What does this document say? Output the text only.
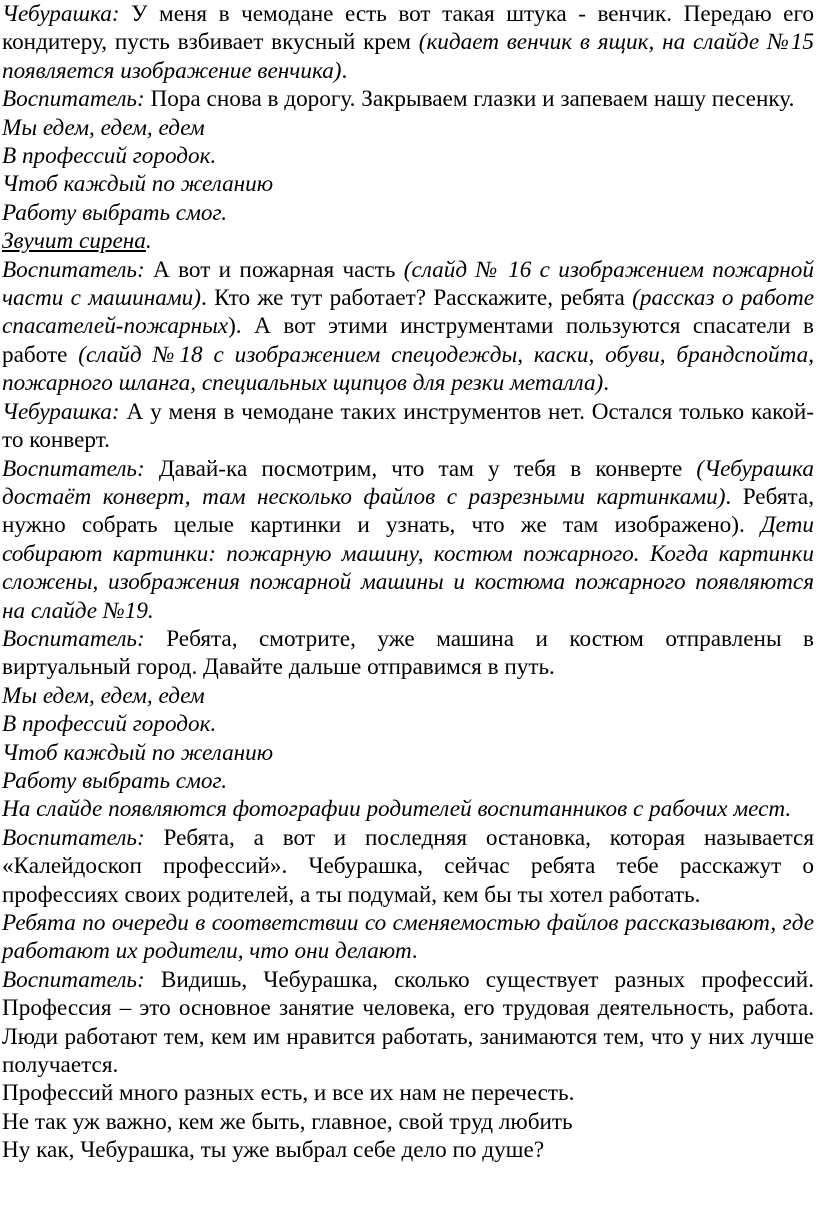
Чебурашка: У меня в чемодане есть вот такая штука - венчик. Передаю его кондитеру, пусть взбивает вкусный крем (кидает венчик в ящик, на слайде №15 появляется изображение венчика).

Воспитатель: Пора снова в дорогу. Закрываем глазки и запеваем нашу песенку.

Мы едем, едем, едем

В профессий городок.

Чтоб каждый по желанию

Работу выбрать смог.

Звучит сирена.

Воспитатель: А вот и пожарная часть (слайд № 16 с изображением пожарной части с машинами). Кто же тут работает? Расскажите, ребята (рассказ о работе спасателей-пожарных). А вот этими инструментами пользуются спасатели в работе (слайд №18 с изображением спецодежды, каски, обуви, брандспойта, пожарного шланга, специальных щипцов для резки металла).

Чебурашка: А у меня в чемодане таких инструментов нет. Остался только какой-то конверт.

Воспитатель: Давай-ка посмотрим, что там у тебя в конверте (Чебурашка достаёт конверт, там несколько файлов с разрезными картинками). Ребята, нужно собрать целые картинки и узнать, что же там изображено). Дети собирают картинки: пожарную машину, костюм пожарного. Когда картинки сложены, изображения пожарной машины и костюма пожарного появляются на слайде №19.

Воспитатель: Ребята, смотрите, уже машина и костюм отправлены в виртуальный город. Давайте дальше отправимся в путь.

Мы едем, едем, едем

В профессий городок.

Чтоб каждый по желанию

Работу выбрать смог.

На слайде появляются фотографии родителей воспитанников с рабочих мест.

Воспитатель: Ребята, а вот и последняя остановка, которая называется «Калейдоскоп профессий». Чебурашка, сейчас ребята тебе расскажут о профессиях своих родителей, а ты подумай, кем бы ты хотел работать.

Ребята по очереди в соответствии со сменяемостью файлов рассказывают, где работают их родители, что они делают.

Воспитатель: Видишь, Чебурашка, сколько существует разных профессий. Профессия – это основное занятие человека, его трудовая деятельность, работа. Люди работают тем, кем им нравится работать, занимаются тем, что у них лучше получается.

Профессий много разных есть, и все их нам не перечесть.

Не так уж важно, кем же быть, главное, свой труд любить

Ну как, Чебурашка, ты уже выбрал себе дело по душе?
